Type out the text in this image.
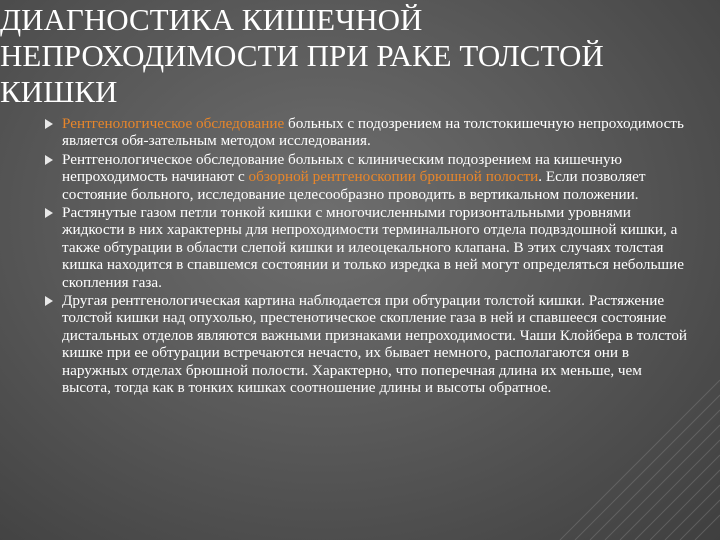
ДИАГНОСТИКА КИШЕЧНОЙ
НЕПРОХОДИМОСТИ ПРИ РАКЕ ТОЛСТОЙ
КИШКИ
Рентгенологическое обследование больных с подозрением на толстокишечную непроходимость является обя-зательным методом исследования.
Рентгенологическое обследование больных с клиническим подозрением на кишечную непроходимость начинают с обзорной рентгеноскопии брюшной полости. Если позволяет состояние больного, исследование целесообразно проводить в вертикальном положении.
Растянутые газом петли тонкой кишки с многочисленными горизонтальными уровнями жидкости в них характерны для непроходимости терминального отдела подвздошной кишки, а также обтурации в области слепой кишки и илеоцекального клапана. В этих случаях толстая кишка находится в спавшемся состоянии и только изредка в ней могут определяться небольшие скопления газа.
Другая рентгенологическая картина наблюдается при обтурации толстой кишки. Растяжение толстой кишки над опухолью, престенотическое скопление газа в ней и спавшееся состояние дистальных отделов являются важными признаками непроходимости. Чаши Клойбера в толстой кишке при ее обтурации встречаются нечасто, их бывает немного, располагаются они в наружных отделах брюшной полости. Характерно, что поперечная длина их меньше, чем высота, тогда как в тонких кишках соотношение длины и высоты обратное.
